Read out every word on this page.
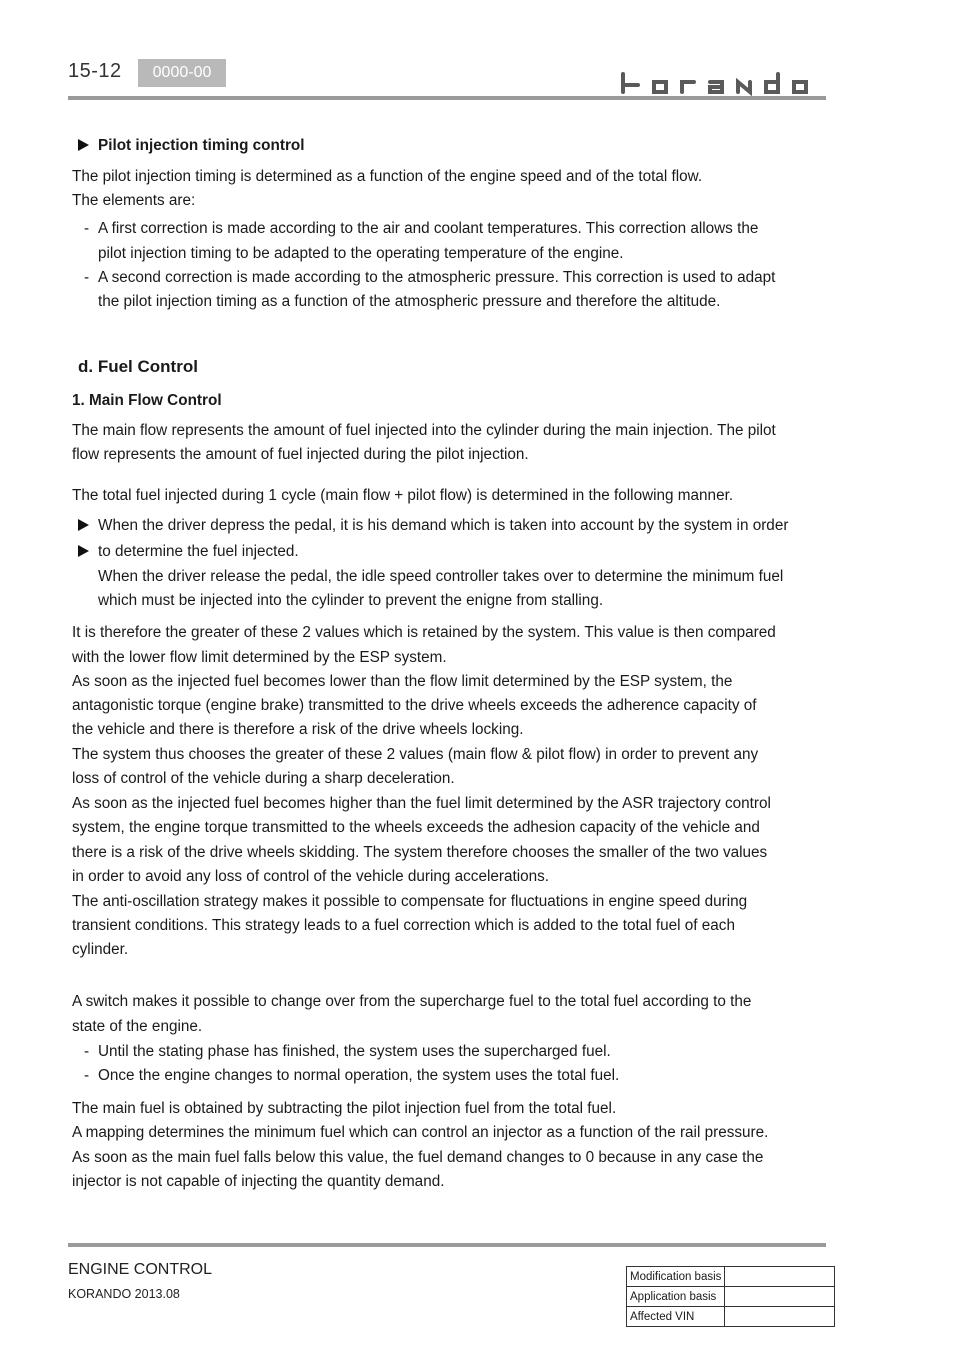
15-12	0000-00
Pilot injection timing control
The pilot injection timing is determined as a function of the engine speed and of the total flow.
The elements are:
- A first correction is made according to the air and coolant temperatures. This correction allows the
pilot injection timing to be adapted to the operating temperature of the engine.
- A second correction is made according to the atmospheric pressure. This correction is used to adapt
the pilot injection timing as a function of the atmospheric pressure and therefore the altitude.
d. Fuel Control
1. Main Flow Control
The main flow represents the amount of fuel injected into the cylinder during the main injection. The pilot
flow represents the amount of fuel injected during the pilot injection.
The total fuel injected during 1 cycle (main flow + pilot flow) is determined in the following manner.
When the driver depress the pedal, it is his demand which is taken into account by the system in order
to determine the fuel injected.
When the driver release the pedal, the idle speed controller takes over to determine the minimum fuel
which must be injected into the cylinder to prevent the enigne from stalling.
It is therefore the greater of these 2 values which is retained by the system. This value is then compared
with the lower flow limit determined by the ESP system.
As soon as the injected fuel becomes lower than the flow limit determined by the ESP system, the
antagonistic torque (engine brake) transmitted to the drive wheels exceeds the adherence capacity of
the vehicle and there is therefore a risk of the drive wheels locking.
The system thus chooses the greater of these 2 values (main flow & pilot flow) in order to prevent any
loss of control of the vehicle during a sharp deceleration.
As soon as the injected fuel becomes higher than the fuel limit determined by the ASR trajectory control
system, the engine torque transmitted to the wheels exceeds the adhesion capacity of the vehicle and
there is a risk of the drive wheels skidding. The system therefore chooses the smaller of the two values
in order to avoid any loss of control of the vehicle during accelerations.
The anti-oscillation strategy makes it possible to compensate for fluctuations in engine speed during
transient conditions. This strategy leads to a fuel correction which is added to the total fuel of each
cylinder.
A switch makes it possible to change over from the supercharge fuel to the total fuel according to the
state of the engine.
- Until the stating phase has finished, the system uses the supercharged fuel.
- Once the engine changes to normal operation, the system uses the total fuel.
The main fuel is obtained by subtracting the pilot injection fuel from the total fuel.
A mapping determines the minimum fuel which can control an injector as a function of the rail pressure.
As soon as the main fuel falls below this value, the fuel demand changes to 0 because in any case the
injector is not capable of injecting the quantity demand.
ENGINE CONTROL
KORANDO 2013.08
Modification basis	
Application basis	
Affected VIN	
